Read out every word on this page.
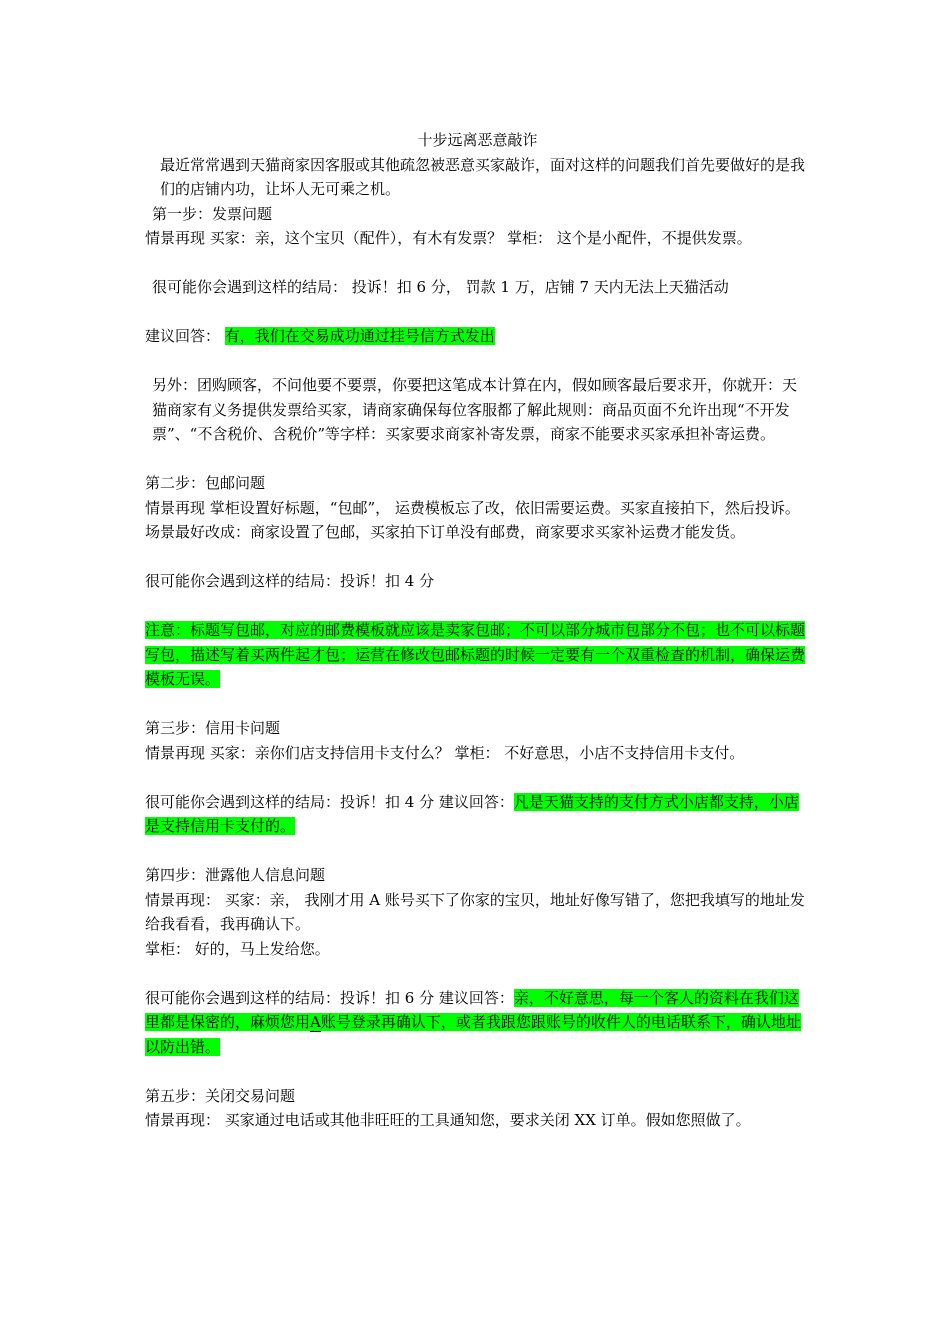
十步远离恶意敲诈

最近常常遇到天猫商家因客服或其他疏忽被恶意买家敲诈，面对这样的问题我们首先要做好的是我们的店铺内功，让坏人无可乘之机。

第一步：发票问题

情景再现 买家：亲，这个宝贝（配件），有木有发票？ 掌柜： 这个是小配件，不提供发票。

很可能你会遇到这样的结局： 投诉！扣 6 分， 罚款 1 万，店铺 7 天内无法上天猫活动

建议回答： 有，我们在交易成功通过挂号信方式发出

另外：团购顾客，不问他要不要票，你要把这笔成本计算在内，假如顾客最后要求开，你就开：天猫商家有义务提供发票给买家，请商家确保每位客服都了解此规则：商品页面不允许出现“不开发票”、“不含税价、含税价”等字样：买家要求商家补寄发票，商家不能要求买家承担补寄运费。

第二步：包邮问题

情景再现 掌柜设置好标题，“包邮”， 运费模板忘了改，依旧需要运费。买家直接拍下，然后投诉。

场景最好改成：商家设置了包邮，买家拍下订单没有邮费，商家要求买家补运费才能发货。

很可能你会遇到这样的结局：投诉！扣 4 分

注意：标题写包邮，对应的邮费模板就应该是卖家包邮；不可以部分城市包部分不包；也不可以标题写包，描述写着买两件起才包；运营在修改包邮标题的时候一定要有一个双重检查的机制，确保运费模板无误。

第三步：信用卡问题

情景再现 买家：亲你们店支持信用卡支付么？ 掌柜： 不好意思，小店不支持信用卡支付。

很可能你会遇到这样的结局：投诉！扣 4 分 建议回答：凡是天猫支持的支付方式小店都支持，小店是支持信用卡支付的。

第四步：泄露他人信息问题

情景再现： 买家：亲， 我刚才用 A 账号买下了你家的宝贝，地址好像写错了，您把我填写的地址发给我看看，我再确认下。

掌柜： 好的，马上发给您。

很可能你会遇到这样的结局：投诉！扣 6 分 建议回答：亲，不好意思，每一个客人的资料在我们这里都是保密的，麻烦您用A账号登录再确认下，或者我跟您跟账号的收件人的电话联系下，确认地址以防出错。

第五步：关闭交易问题

情景再现： 买家通过电话或其他非旺旺的工具通知您，要求关闭 XX 订单。假如您照做了。
